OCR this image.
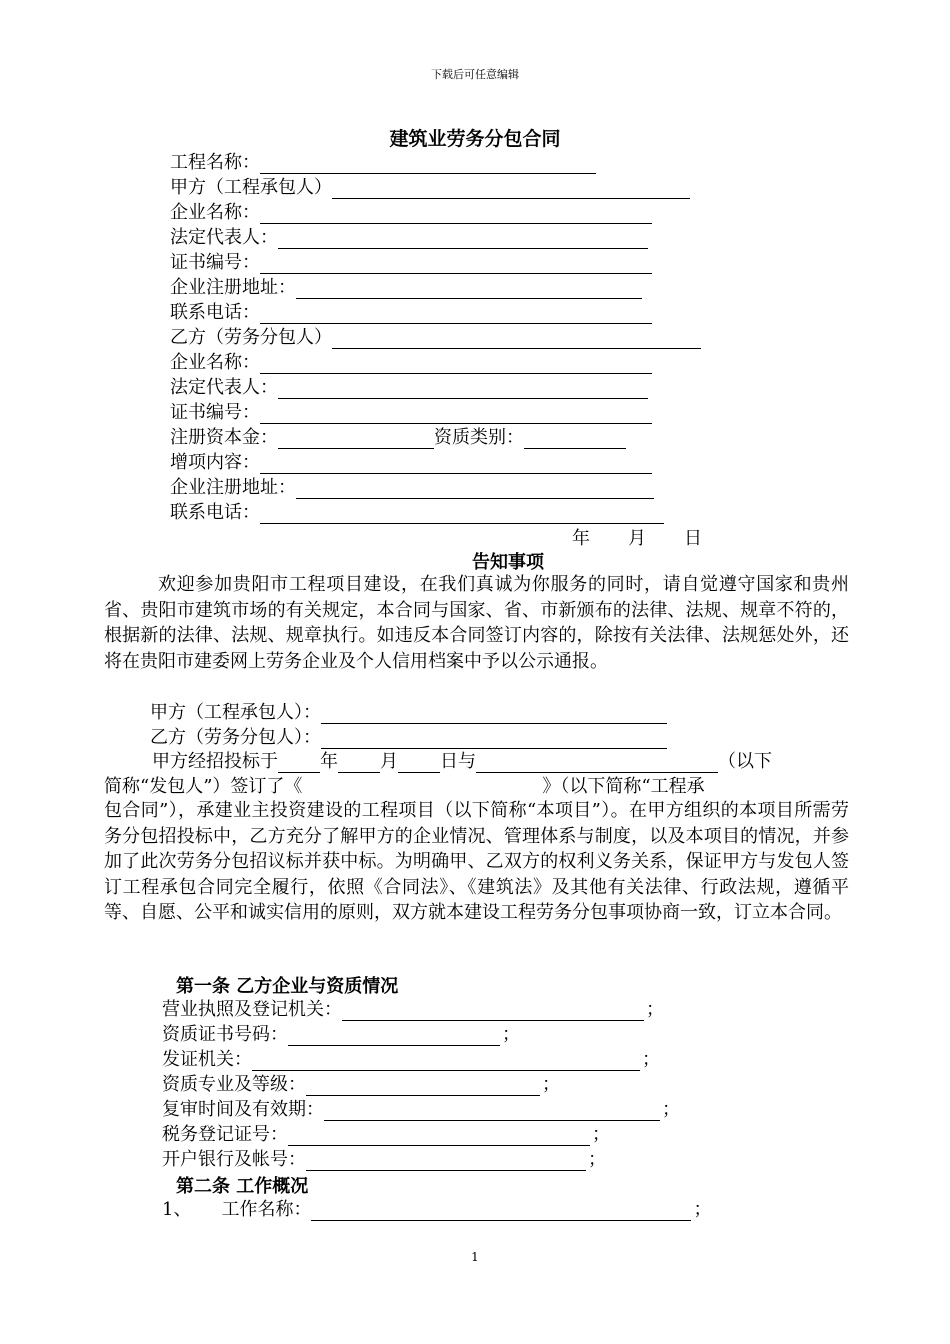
下载后可任意编辑
建筑业劳务分包合同
工程名称：
甲方（工程承包人）
企业名称：
法定代表人：
证书编号：
企业注册地址：
联系电话：
乙方（劳务分包人）
企业名称：
法定代表人：
证书编号：
注册资本金：	资质类别：
增项内容：
企业注册地址：
联系电话：
年 月 日
告知事项
欢迎参加贵阳市工程项目建设，在我们真诚为你服务的同时，请自觉遵守国家和贵州省、贵阳市建筑市场的有关规定，本合同与国家、省、市新颁布的法律、法规、规章不符的，根据新的法律、法规、规章执行。如违反本合同签订内容的，除按有关法律、法规惩处外，还将在贵阳市建委网上劳务企业及个人信用档案中予以公示通报。
甲方（工程承包人）：
乙方（劳务分包人）：
甲方经招投标于 年 月 日与	（以下
简称“发包人”）签订了《	》（以下简称“工程承
包合同”），承建业主投资建设的工程项目（以下简称“本项目”）。在甲方组织的本项目所需劳务分包招投标中，乙方充分了解甲方的企业情况、管理体系与制度，以及本项目的情况，并参加了此次劳务分包招议标并获中标。为明确甲、乙双方的权利义务关系，保证甲方与发包人签订工程承包合同完全履行，依照《合同法》、《建筑法》及其他有关法律、行政法规，遵循平等、自愿、公平和诚实信用的原则，双方就本建设工程劳务分包事项协商一致，订立本合同。
第一条 乙方企业与资质情况
营业执照及登记机关：	；
资质证书号码：	；
发证机关：	；
资质专业及等级：	；
复审时间及有效期：	；
税务登记证号：	；
开户银行及帐号：	；
第二条 工作概况
1、 工作名称：	；
1
